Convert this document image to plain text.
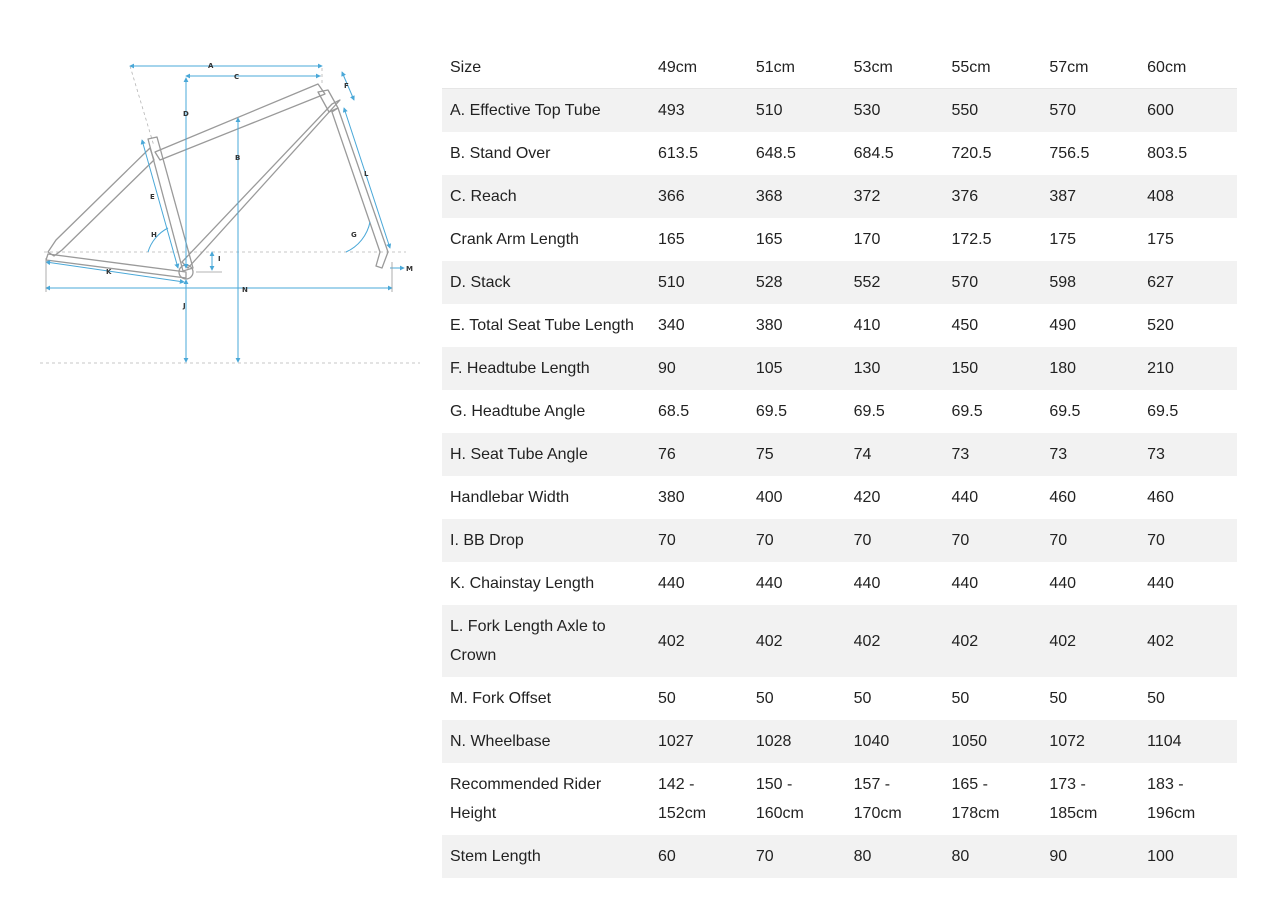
A
C
D
B
F
L
E
H	G
I
M
K
N
J
Size	49cm	51cm	53cm	55cm	57cm	60cm
A. Effective Top Tube	493	510	530	550	570	600
B. Stand Over	613.5	648.5	684.5	720.5	756.5	803.5
C. Reach	366	368	372	376	387	408
Crank Arm Length	165	165	170	172.5	175	175
D. Stack	510	528	552	570	598	627
E. Total Seat Tube Length	340	380	410	450	490	520
F. Headtube Length	90	105	130	150	180	210
G. Headtube Angle	68.5	69.5	69.5	69.5	69.5	69.5
H. Seat Tube Angle	76	75	74	73	73	73
Handlebar Width	380	400	420	440	460	460
I. BB Drop	70	70	70	70	70	70
K. Chainstay Length	440	440	440	440	440	440
L. Fork Length Axle to Crown	402	402	402	402	402	402
M. Fork Offset	50	50	50	50	50	50
N. Wheelbase	1027	1028	1040	1050	1072	1104
Recommended Rider Height	142 - 152cm	150 - 160cm	157 - 170cm	165 - 178cm	173 - 185cm	183 - 196cm
Stem Length	60	70	80	80	90	100
